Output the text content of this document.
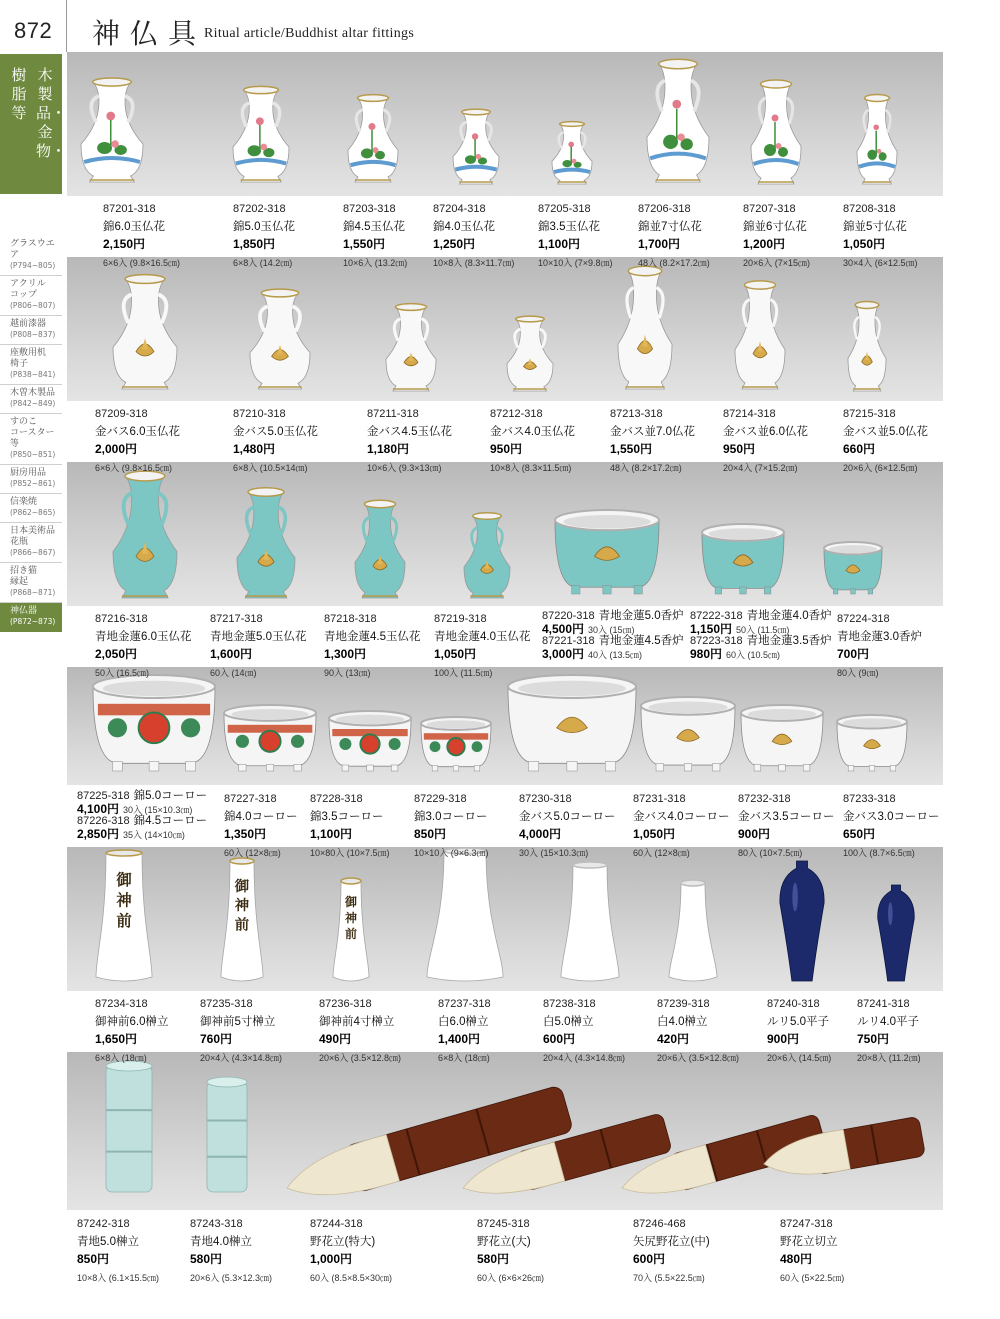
872 神仏具
Ritual article/Buddhist altar fittings
木製品・金物・
樹脂等
グラスウエア
(P794~805)
アクリル
コップ
(P806~807)
越前漆器
(P808~837)
座敷用机
椅子
(P838~841)
木曽木製品
(P842~849)
すのこ
コースター等
(P850~851)
厨房用品
(P852~861)
信楽焼
(P862~865)
日本美術品
花瓶
(P866~867)
招き猫
縁起
(P868~871)
神仏器
(P872~873)
御
神
前
御
神
前
御
神
前
87201-318
錦6.0玉仏花
2,150円
6×6入 (9.8×16.5㎝)
87202-318
錦5.0玉仏花
1,850円
6×8入 (14.2㎝)
87203-318
錦4.5玉仏花
1,550円
10×6入 (13.2㎝)
87204-318
錦4.0玉仏花
1,250円
10×8入 (8.3×11.7㎝)
87205-318
錦3.5玉仏花
1,100円
10×10入 (7×9.8㎝)
87206-318
錦並7寸仏花
1,700円
48入 (8.2×17.2㎝)
87207-318
錦並6寸仏花
1,200円
20×6入 (7×15㎝)
87208-318
錦並5寸仏花
1,050円
30×4入 (6×12.5㎝)
87209-318
金バス6.0玉仏花
2,000円
6×6入 (9.8×16.5㎝)
87210-318
金バス5.0玉仏花
1,480円
6×8入 (10.5×14㎝)
87211-318
金バス4.5玉仏花
1,180円
10×6入 (9.3×13㎝)
87212-318
金バス4.0玉仏花
950円
10×8入 (8.3×11.5㎝)
87213-318
金バス並7.0仏花
1,550円
48入 (8.2×17.2㎝)
87214-318
金バス並6.0仏花
950円
20×4入 (7×15.2㎝)
87215-318
金バス並5.0仏花
660円
20×6入 (6×12.5㎝)
87216-318
青地金蓮6.0玉仏花
2,050円
50入 (16.5㎝)
87217-318
青地金蓮5.0玉仏花
1,600円
60入 (14㎝)
87218-318
青地金蓮4.5玉仏花
1,300円
90入 (13㎝)
87219-318
青地金蓮4.0玉仏花
1,050円
100入 (11.5㎝)
87220-318 青地金蓮5.0香炉
4,500円 30入 (15㎝)
87221-318 青地金蓮4.5香炉
3,000円 40入 (13.5㎝)
87222-318 青地金蓮4.0香炉
1,150円 50入 (11.5㎝)
87223-318 青地金蓮3.5香炉
980円 60入 (10.5㎝)
87224-318
青地金蓮3.0香炉
700円
80入 (9㎝)
87225-318 錦5.0コーロー
4,100円 30入 (15×10.3㎝)
87226-318 錦4.5コーロー
2,850円 35入 (14×10㎝)
87227-318
錦4.0コーロー
1,350円
60入 (12×8㎝)
87228-318
錦3.5コーロー
1,100円
10×80入 (10×7.5㎝)
87229-318
錦3.0コーロー
850円
10×10入 (9×6.3㎝)
87230-318
金バス5.0コーロー
4,000円
30入 (15×10.3㎝)
87231-318
金バス4.0コーロー
1,050円
60入 (12×8㎝)
87232-318
金バス3.5コーロー
900円
80入 (10×7.5㎝)
87233-318
金バス3.0コーロー
650円
100入 (8.7×6.5㎝)
87234-318
御神前6.0榊立
1,650円
6×8入 (18㎝)
87235-318
御神前5寸榊立
760円
20×4入 (4.3×14.8㎝)
87236-318
御神前4寸榊立
490円
20×6入 (3.5×12.8㎝)
87237-318
白6.0榊立
1,400円
6×8入 (18㎝)
87238-318
白5.0榊立
600円
20×4入 (4.3×14.8㎝)
87239-318
白4.0榊立
420円
20×6入 (3.5×12.8㎝)
87240-318
ルリ5.0平子
900円
20×6入 (14.5㎝)
87241-318
ルリ4.0平子
750円
20×8入 (11.2㎝)
87242-318
青地5.0榊立
850円
10×8入 (6.1×15.5㎝)
87243-318
青地4.0榊立
580円
20×6入 (5.3×12.3㎝)
87244-318
野花立(特大)
1,000円
60入 (8.5×8.5×30㎝)
87245-318
野花立(大)
580円
60入 (6×6×26㎝)
87246-468
矢尻野花立(中)
600円
70入 (5.5×22.5㎝)
87247-318
野花立切立
480円
60入 (5×22.5㎝)
